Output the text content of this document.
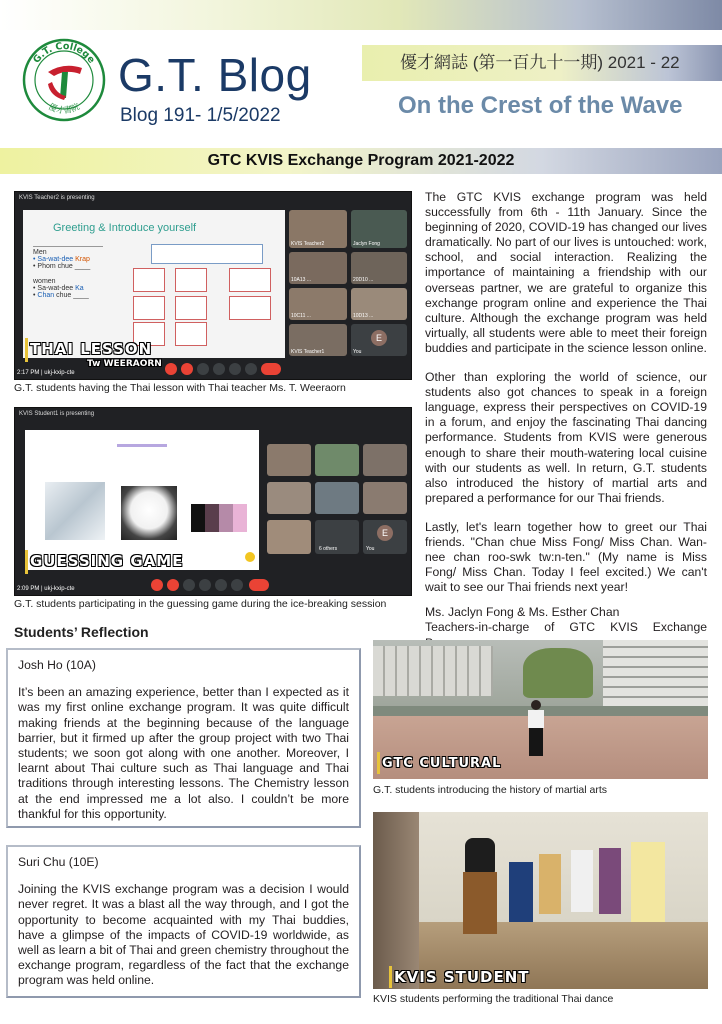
G.T. College
優才書院
G.T. Blog
Blog 191- 1/5/2022
優才網誌 (第一百九十一期) 2021 - 22
On the Crest of the Wave
GTC KVIS Exchange Program 2021-2022
KVIS Teacher2 is presenting
Greeting & Introduce yourself
Men
• Sa-wat-dee Krap
• Phom chue ____
women
• Sa-wat-dee Ka
• Chan chue ____
KVIS Teacher2	Jaclyn Fong
10A13 ...	20D10 ...
10C11 ...	10D13 ...
KVIS Teacher1
E
You
2:17 PM | ukj-kxip-cte
THAI LESSON
Tw WEERAORN
G.T. students having the Thai lesson with Thai teacher Ms. T. Weeraorn
KVIS Student1 is presenting
6 others
E
You
2:09 PM | ukj-kxip-cte
GUESSING GAME
G.T. students participating in the guessing game during the ice-breaking session

The GTC KVIS exchange program was held successfully from 6th - 11th January. Since the beginning of 2020, COVID-19 has changed our lives dramatically. No part of our lives is untouched: work, school, and social interaction. Realizing the importance of maintaining a friendship with our overseas partner, we are grateful to organize this exchange program online and experience the Thai culture. Although the exchange program was held virtually, all students were able to meet their foreign buddies and participate in the science lesson online.

Other than exploring the world of science, our students also got chances to speak in a foreign language, express their perspectives on COVID-19 in a forum, and enjoy the fascinating Thai dancing performance. Students from KVIS were generous enough to share their mouth-watering local cuisine with our students as well. In return, G.T. students also introduced the history of martial arts and prepared a performance for our Thai friends.

Lastly, let's learn together how to greet our Thai friends. "Chan chue Miss Fong/ Miss Chan. Wan-nee chan roo-swk tw:n-ten." (My name is Miss Fong/ Miss Chan. Today I feel excited.) We can't wait to see our Thai friends next year!

Ms. Jaclyn Fong & Ms. Esther Chan
Teachers-in-charge of GTC KVIS Exchange
GTC CULTURAL
G.T. students introducing the history of martial arts
KVIS STUDENT
KVIS students performing the traditional Thai dance
Students’ Reflection
Josh Ho (10A)
It’s been an amazing experience, better than I expected as it was my first online exchange program. It was quite difficult making friends at the beginning because of the language barrier, but it firmed up after the group project with two Thai students; we soon got along with one another. Moreover, I learnt about Thai culture such as Thai language and Thai traditions through interesting lessons. The Chemistry lesson at the end impressed me a lot also. I couldn’t be more thankful for this opportunity.
Suri Chu (10E)
Joining the KVIS exchange program was a decision I would never regret. It was a blast all the way through, and I got the opportunity to become acquainted with my Thai buddies, have a glimpse of the impacts of COVID-19 worldwide, as well as learn a bit of Thai and green chemistry throughout the exchange program, regardless of the fact that the exchange program was held online.
